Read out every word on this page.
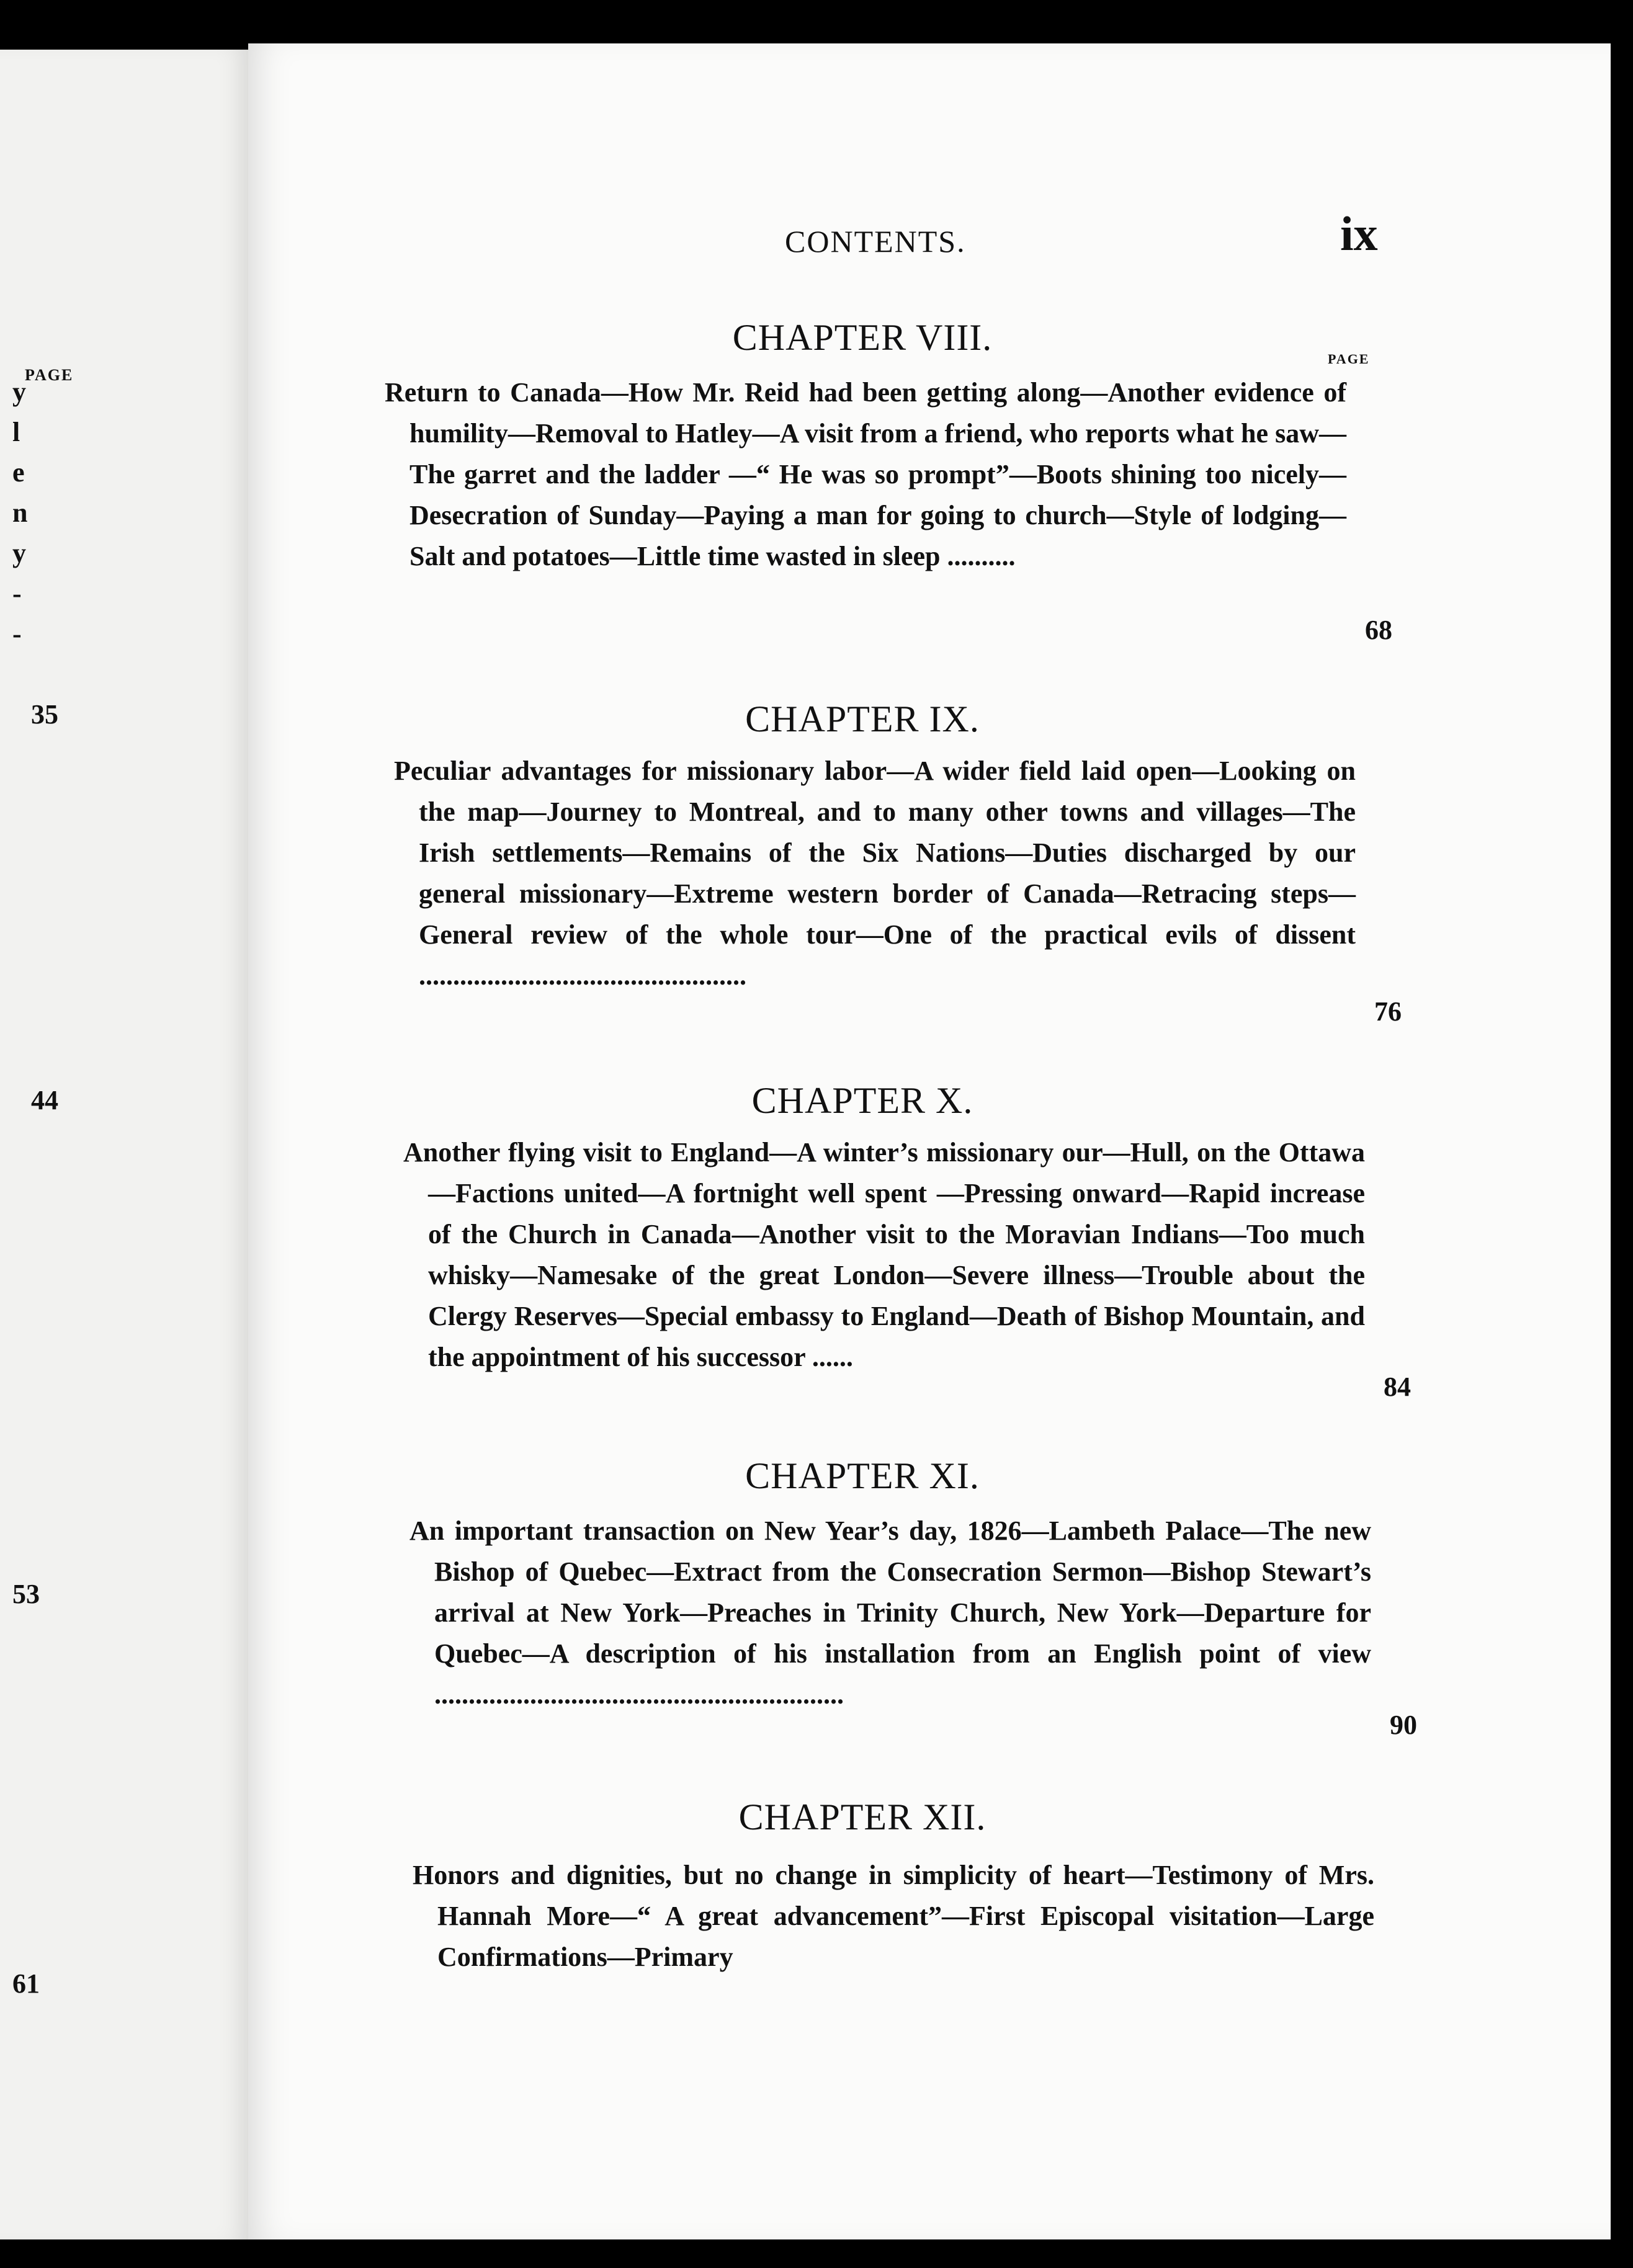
PAGE
y
l
e
n
y
-
-
35
44
53
61
CONTENTS.	ix
PAGE
CHAPTER VIII.
Return to Canada—How Mr. Reid had been getting along—Another evidence of humility—Removal to Hatley—A visit from a friend, who reports what he saw—The garret and the ladder —“ He was so prompt”—Boots shining too nicely—Desecration of Sunday—Paying a man for going to church—Style of lodging—Salt and potatoes—Little time wasted in sleep ..........
68
CHAPTER IX.
Peculiar advantages for missionary labor—A wider field laid open—Looking on the map—Journey to Montreal, and to many other towns and villages—The Irish settlements—Remains of the Six Nations—Duties discharged by our general missionary—Extreme western border of Canada—Retracing steps—General review of the whole tour—One of the practical evils of dissent ................................................
76
CHAPTER X.
Another flying visit to England—A winter’s missionary our—Hull, on the Ottawa—Factions united—A fortnight well spent —Pressing onward—Rapid increase of the Church in Canada—Another visit to the Moravian Indians—Too much whisky—Namesake of the great London—Severe illness—Trouble about the Clergy Reserves—Special embassy to England—Death of Bishop Mountain, and the appointment of his successor ......
84
CHAPTER XI.
An important transaction on New Year’s day, 1826—Lambeth Palace—The new Bishop of Quebec—Extract from the Consecration Sermon—Bishop Stewart’s arrival at New York—Preaches in Trinity Church, New York—Departure for Quebec—A description of his installation from an English point of view ............................................................
90
CHAPTER XII.
Honors and dignities, but no change in simplicity of heart—Testimony of Mrs. Hannah More—“ A great advancement”—First Episcopal visitation—Large Confirmations—Primary
